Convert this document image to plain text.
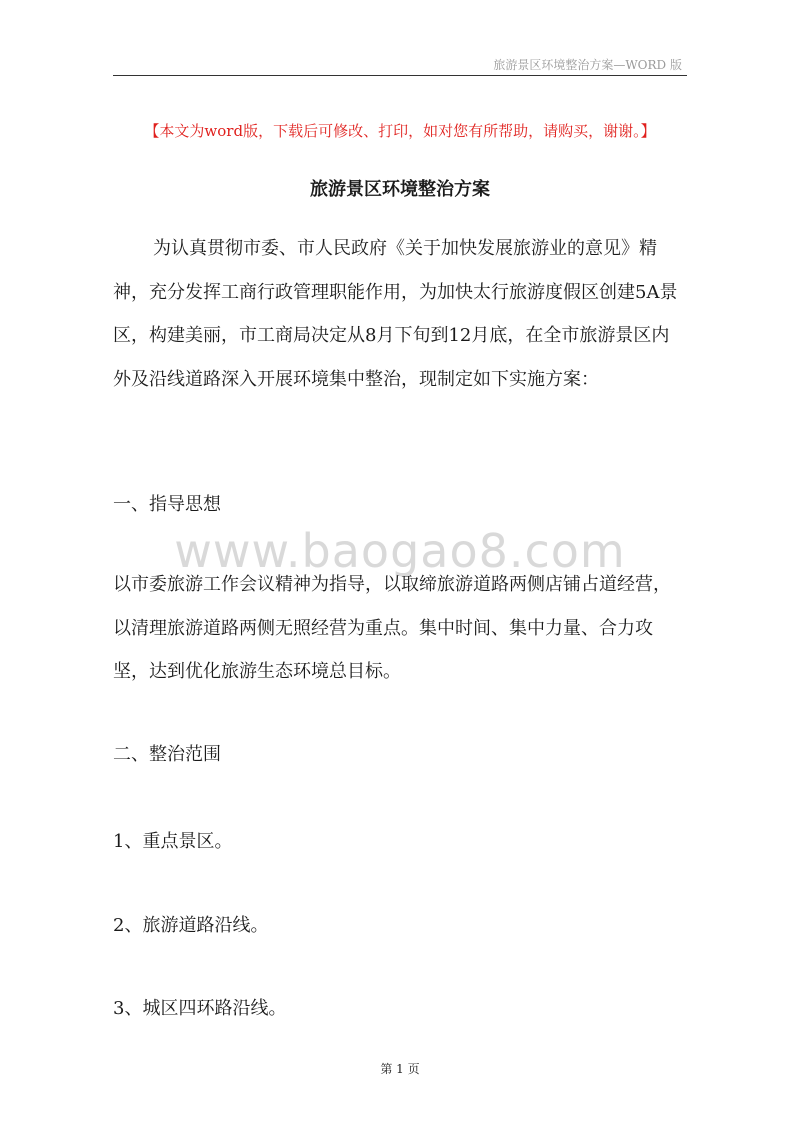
旅游景区环境整治方案—WORD 版
【本文为word版，下载后可修改、打印，如对您有所帮助，请购买，谢谢。】
旅游景区环境整治方案

为认真贯彻市委、市人民政府《关于加快发展旅游业的意见》精神，充分发挥工商行政管理职能作用，为加快太行旅游度假区创建5A景区，构建美丽，市工商局决定从8月下旬到12月底，在全市旅游景区内外及沿线道路深入开展环境集中整治，现制定如下实施方案：

一、指导思想

www.baogao8.com

以市委旅游工作会议精神为指导，以取缔旅游道路两侧店铺占道经营，以清理旅游道路两侧无照经营为重点。集中时间、集中力量、合力攻坚，达到优化旅游生态环境总目标。

二、整治范围

1、重点景区。

2、旅游道路沿线。

3、城区四环路沿线。

第 1 页
